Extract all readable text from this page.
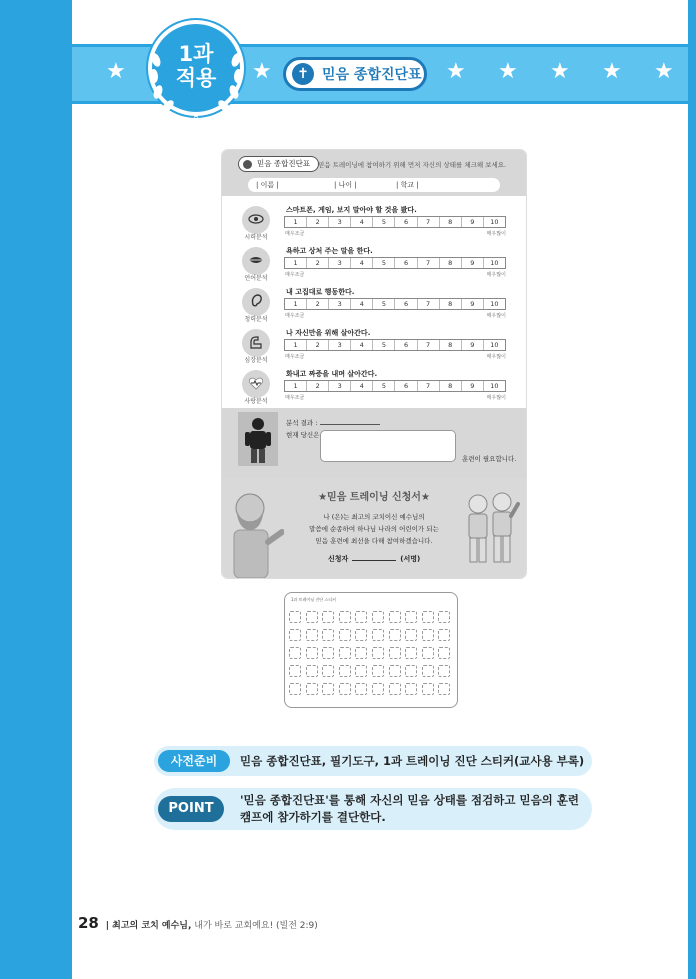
★	★	★ ★ ★ ★ ★
★
1과
적용	✝ 믿음 종합진단표
믿음 종합진단표	믿음 트레이닝에 참여하기 위해 먼저 자신의 상태를 체크해 보세요.
| 이름 |	| 나이 |	| 학교 |
시력분석
스마트폰, 게임, 보지 말아야 할 것을 봤다.
1	2	3	4	5	6	7	8	9	10
매우조금	매우많이
언어분석
욕하고 상처 주는 말을 한다.
1	2	3	4	5	6	7	8	9	10
매우조금	매우많이
청력분석
내 고집대로 행동한다.
1	2	3	4	5	6	7	8	9	10
매우조금	매우많이
심장분석
나 자신만을 위해 살아간다.
1	2	3	4	5	6	7	8	9	10
매우조금	매우많이
사랑분석
화내고 짜증을 내며 살아간다.
1	2	3	4	5	6	7	8	9	10
매우조금	매우많이
분석 결과 :
현재 당신은
훈련이 필요합니다.
★믿음 트레이닝 신청서★
나 (은)는 최고의 코치이신 예수님의
말씀에 순종하여 하나님 나라의 어린이가 되는
믿음 훈련에 최선을 다해 참여하겠습니다.
신청자	(서명)
1과 트레이닝 진단 스티커
사전준비	믿음 종합진단표, 필기도구, 1과 트레이닝 진단 스티커(교사용 부록)
POINT
'믿음 종합진단표'를 통해 자신의 믿음 상태를 점검하고 믿음의 훈련캠프에 참가하기를 결단한다.
28 | 최고의 코치 예수님, 내가 바로 교회예요! (빌전 2:9)
